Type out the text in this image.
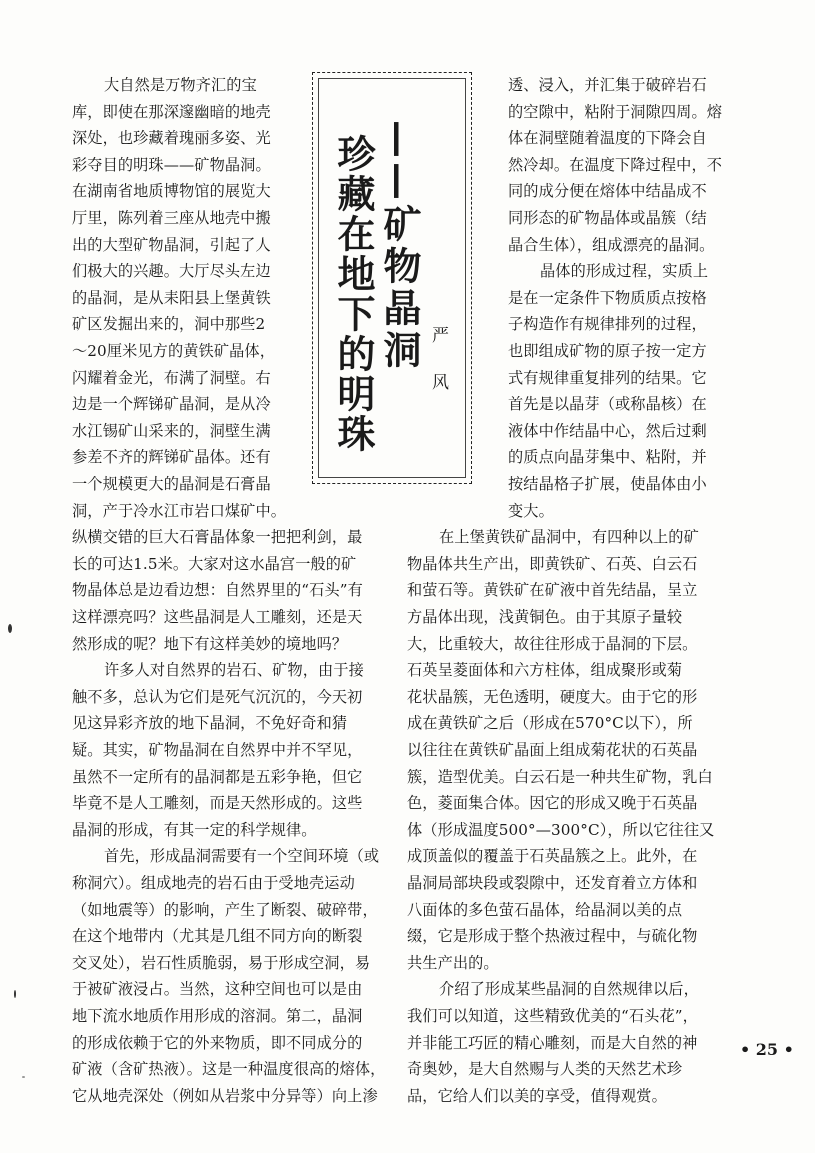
珍藏在地下的明珠 ——矿物晶洞
严风
大自然是万物齐汇的宝
库，即使在那深邃幽暗的地壳
深处，也珍藏着瑰丽多姿、光
彩夺目的明珠——矿物晶洞。
在湖南省地质博物馆的展览大
厅里，陈列着三座从地壳中搬
出的大型矿物晶洞，引起了人
们极大的兴趣。大厅尽头左边
的晶洞，是从耒阳县上堡黄铁
矿区发掘出来的，洞中那些2
～20厘米见方的黄铁矿晶体，
闪耀着金光，布满了洞壁。右
边是一个辉锑矿晶洞，是从冷
水江锡矿山采来的，洞壁生满
参差不齐的辉锑矿晶体。还有
一个规模更大的晶洞是石膏晶
洞，产于冷水江市岩口煤矿中。
纵横交错的巨大石膏晶体象一把把利剑，最
长的可达1.5米。大家对这水晶宫一般的矿
物晶体总是边看边想：自然界里的“石头”有
这样漂亮吗？这些晶洞是人工雕刻，还是天
然形成的呢？地下有这样美妙的境地吗？
许多人对自然界的岩石、矿物，由于接
触不多，总认为它们是死气沉沉的，今天初
见这异彩齐放的地下晶洞，不免好奇和猜
疑。其实，矿物晶洞在自然界中并不罕见，
虽然不一定所有的晶洞都是五彩争艳，但它
毕竟不是人工雕刻，而是天然形成的。这些
晶洞的形成，有其一定的科学规律。
首先，形成晶洞需要有一个空间环境（或
称洞穴）。组成地壳的岩石由于受地壳运动
（如地震等）的影响，产生了断裂、破碎带，
在这个地带内（尤其是几组不同方向的断裂
交叉处），岩石性质脆弱，易于形成空洞，易
于被矿液浸占。当然，这种空间也可以是由
地下流水地质作用形成的溶洞。第二，晶洞
的形成依赖于它的外来物质，即不同成分的
矿液（含矿热液）。这是一种温度很高的熔体，
它从地壳深处（例如从岩浆中分异等）向上渗
透、浸入，并汇集于破碎岩石
的空隙中，粘附于洞隙四周。熔
体在洞壁随着温度的下降会自
然冷却。在温度下降过程中，不
同的成分便在熔体中结晶成不
同形态的矿物晶体或晶簇（结
晶合生体），组成漂亮的晶洞。
晶体的形成过程，实质上
是在一定条件下物质质点按格
子构造作有规律排列的过程，
也即组成矿物的原子按一定方
式有规律重复排列的结果。它
首先是以晶芽（或称晶核）在
液体中作结晶中心，然后过剩
的质点向晶芽集中、粘附，并
按结晶格子扩展，使晶体由小
变大。
在上堡黄铁矿晶洞中，有四种以上的矿
物晶体共生产出，即黄铁矿、石英、白云石
和萤石等。黄铁矿在矿液中首先结晶，呈立
方晶体出现，浅黄铜色。由于其原子量较
大，比重较大，故往往形成于晶洞的下层。
石英呈菱面体和六方柱体，组成聚形或菊
花状晶簇，无色透明，硬度大。由于它的形
成在黄铁矿之后（形成在570°C以下），所
以往往在黄铁矿晶面上组成菊花状的石英晶
簇，造型优美。白云石是一种共生矿物，乳白
色，菱面集合体。因它的形成又晚于石英晶
体（形成温度500°—300°C），所以它往往又
成顶盖似的覆盖于石英晶簇之上。此外，在
晶洞局部块段或裂隙中，还发育着立方体和
八面体的多色萤石晶体，给晶洞以美的点
缀，它是形成于整个热液过程中，与硫化物
共生产出的。
介绍了形成某些晶洞的自然规律以后，
我们可以知道，这些精致优美的“石头花”，
并非能工巧匠的精心雕刻，而是大自然的神
奇奥妙，是大自然赐与人类的天然艺术珍
品，它给人们以美的享受，值得观赏。
• 25 •
